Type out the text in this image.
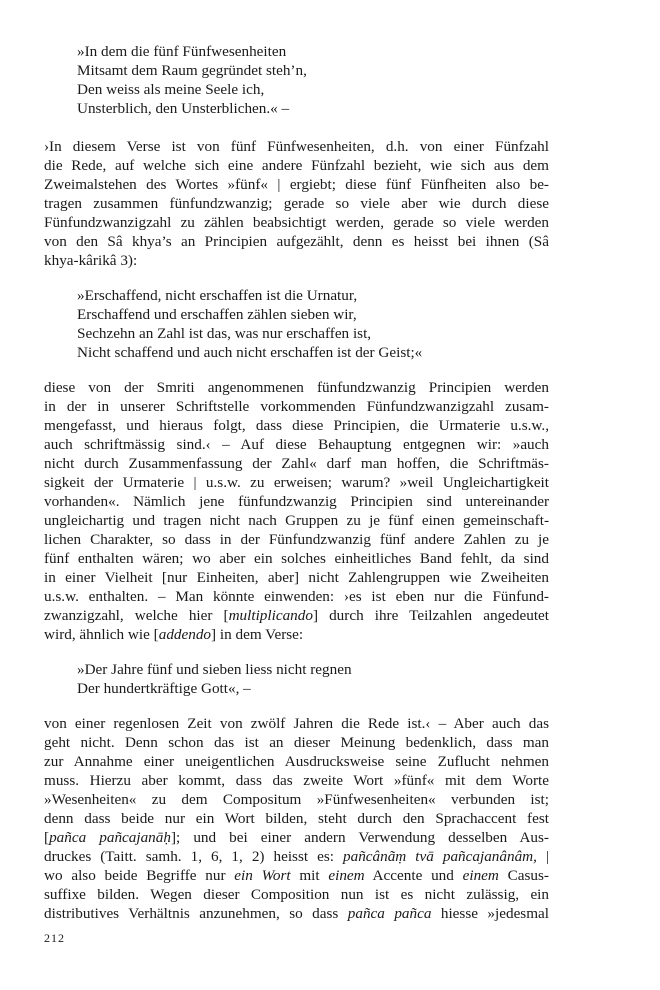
»In dem die fünf Fünfwesenheiten
Mitsamt dem Raum gegründet steh’n,
Den weiss als meine Seele ich,
Unsterblich, den Unsterblichen.« –
›In diesem Verse ist von fünf Fünfwesenheiten, d.h. von einer Fünfzahl
die Rede, auf welche sich eine andere Fünfzahl bezieht, wie sich aus dem
Zweimalstehen des Wortes »fünf« | ergiebt; diese fünf Fünfheiten also be-
tragen zusammen fünfundzwanzig; gerade so viele aber wie durch diese
Fünfundzwanzigzahl zu zählen beabsichtigt werden, gerade so viele werden
von den Sâ khya’s an Principien aufgezählt, denn es heisst bei ihnen (Sâ
khya-kârikâ 3):
»Erschaffend, nicht erschaffen ist die Urnatur,
Erschaffend und erschaffen zählen sieben wir,
Sechzehn an Zahl ist das, was nur erschaffen ist,
Nicht schaffend und auch nicht erschaffen ist der Geist;«
diese von der Smriti angenommenen fünfundzwanzig Principien werden
in der in unserer Schriftstelle vorkommenden Fünfundzwanzigzahl zusam-
mengefasst, und hieraus folgt, dass diese Principien, die Urmaterie u.s.w.,
auch schriftmässig sind.‹ – Auf diese Behauptung entgegnen wir: »auch
nicht durch Zusammenfassung der Zahl« darf man hoffen, die Schriftmäs-
sigkeit der Urmaterie | u.s.w. zu erweisen; warum? »weil Ungleichartigkeit
vorhanden«. Nämlich jene fünfundzwanzig Principien sind untereinander
ungleichartig und tragen nicht nach Gruppen zu je fünf einen gemeinschaft-
lichen Charakter, so dass in der Fünfundzwanzig fünf andere Zahlen zu je
fünf enthalten wären; wo aber ein solches einheitliches Band fehlt, da sind
in einer Vielheit [nur Einheiten, aber] nicht Zahlengruppen wie Zweiheiten
u.s.w. enthalten. – Man könnte einwenden: ›es ist eben nur die Fünfund-
zwanzigzahl, welche hier [multiplicando] durch ihre Teilzahlen angedeutet
wird, ähnlich wie [addendo] in dem Verse:
»Der Jahre fünf und sieben liess nicht regnen
Der hundertkräftige Gott«, –
von einer regenlosen Zeit von zwölf Jahren die Rede ist.‹ – Aber auch das
geht nicht. Denn schon das ist an dieser Meinung bedenklich, dass man
zur Annahme einer uneigentlichen Ausdrucksweise seine Zuflucht nehmen
muss. Hierzu aber kommt, dass das zweite Wort »fünf« mit dem Worte
»Wesenheiten« zu dem Compositum »Fünfwesenheiten« verbunden ist;
denn dass beide nur ein Wort bilden, steht durch den Sprachaccent fest
[pañca pañcajanāḥ]; und bei einer andern Verwendung desselben Aus-
druckes (Taitt. samh. 1, 6, 1, 2) heisst es: pañcânãṃ tvā pañcajanânâm, |
wo also beide Begriffe nur ein Wort mit einem Accente und einem Casus-
suffixe bilden. Wegen dieser Composition nun ist es nicht zulässig, ein
distributives Verhältnis anzunehmen, so dass pañca pañca hiesse »jedesmal
212
